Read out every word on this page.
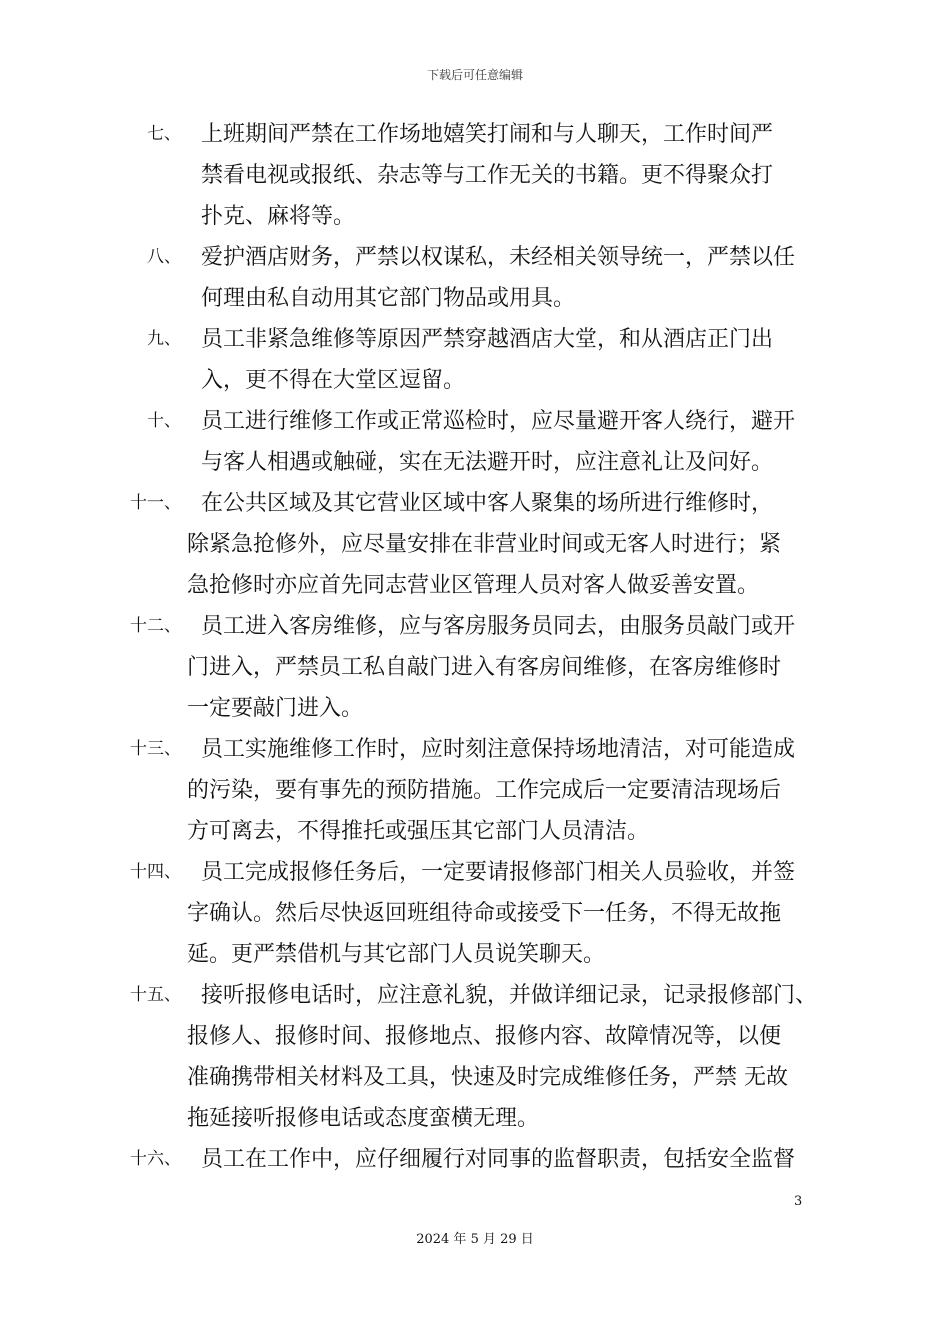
下载后可任意编辑
七、 上班期间严禁在工作场地嬉笑打闹和与人聊天，工作时间严
禁看电视或报纸、杂志等与工作无关的书籍。更不得聚众打
扑克、麻将等。
八、 爱护酒店财务，严禁以权谋私，未经相关领导统一，严禁以任
何理由私自动用其它部门物品或用具。
九、 员工非紧急维修等原因严禁穿越酒店大堂，和从酒店正门出
入，更不得在大堂区逗留。
十、 员工进行维修工作或正常巡检时，应尽量避开客人绕行，避开
与客人相遇或触碰，实在无法避开时，应注意礼让及问好。
十一、 在公共区域及其它营业区域中客人聚集的场所进行维修时，
除紧急抢修外，应尽量安排在非营业时间或无客人时进行；紧
急抢修时亦应首先同志营业区管理人员对客人做妥善安置。
十二、 员工进入客房维修，应与客房服务员同去，由服务员敲门或开
门进入，严禁员工私自敲门进入有客房间维修，在客房维修时
一定要敲门进入。
十三、 员工实施维修工作时，应时刻注意保持场地清洁，对可能造成
的污染，要有事先的预防措施。工作完成后一定要清洁现场后
方可离去，不得推托或强压其它部门人员清洁。
十四、 员工完成报修任务后，一定要请报修部门相关人员验收，并签
字确认。然后尽快返回班组待命或接受下一任务，不得无故拖
延。更严禁借机与其它部门人员说笑聊天。
十五、 接听报修电话时，应注意礼貌，并做详细记录，记录报修部门、
报修人、报修时间、报修地点、报修内容、故障情况等，以便
准确携带相关材料及工具，快速及时完成维修任务，严禁 无故
拖延接听报修电话或态度蛮横无理。
十六、 员工在工作中，应仔细履行对同事的监督职责，包括安全监督
3
2024 年 5 月 29 日
